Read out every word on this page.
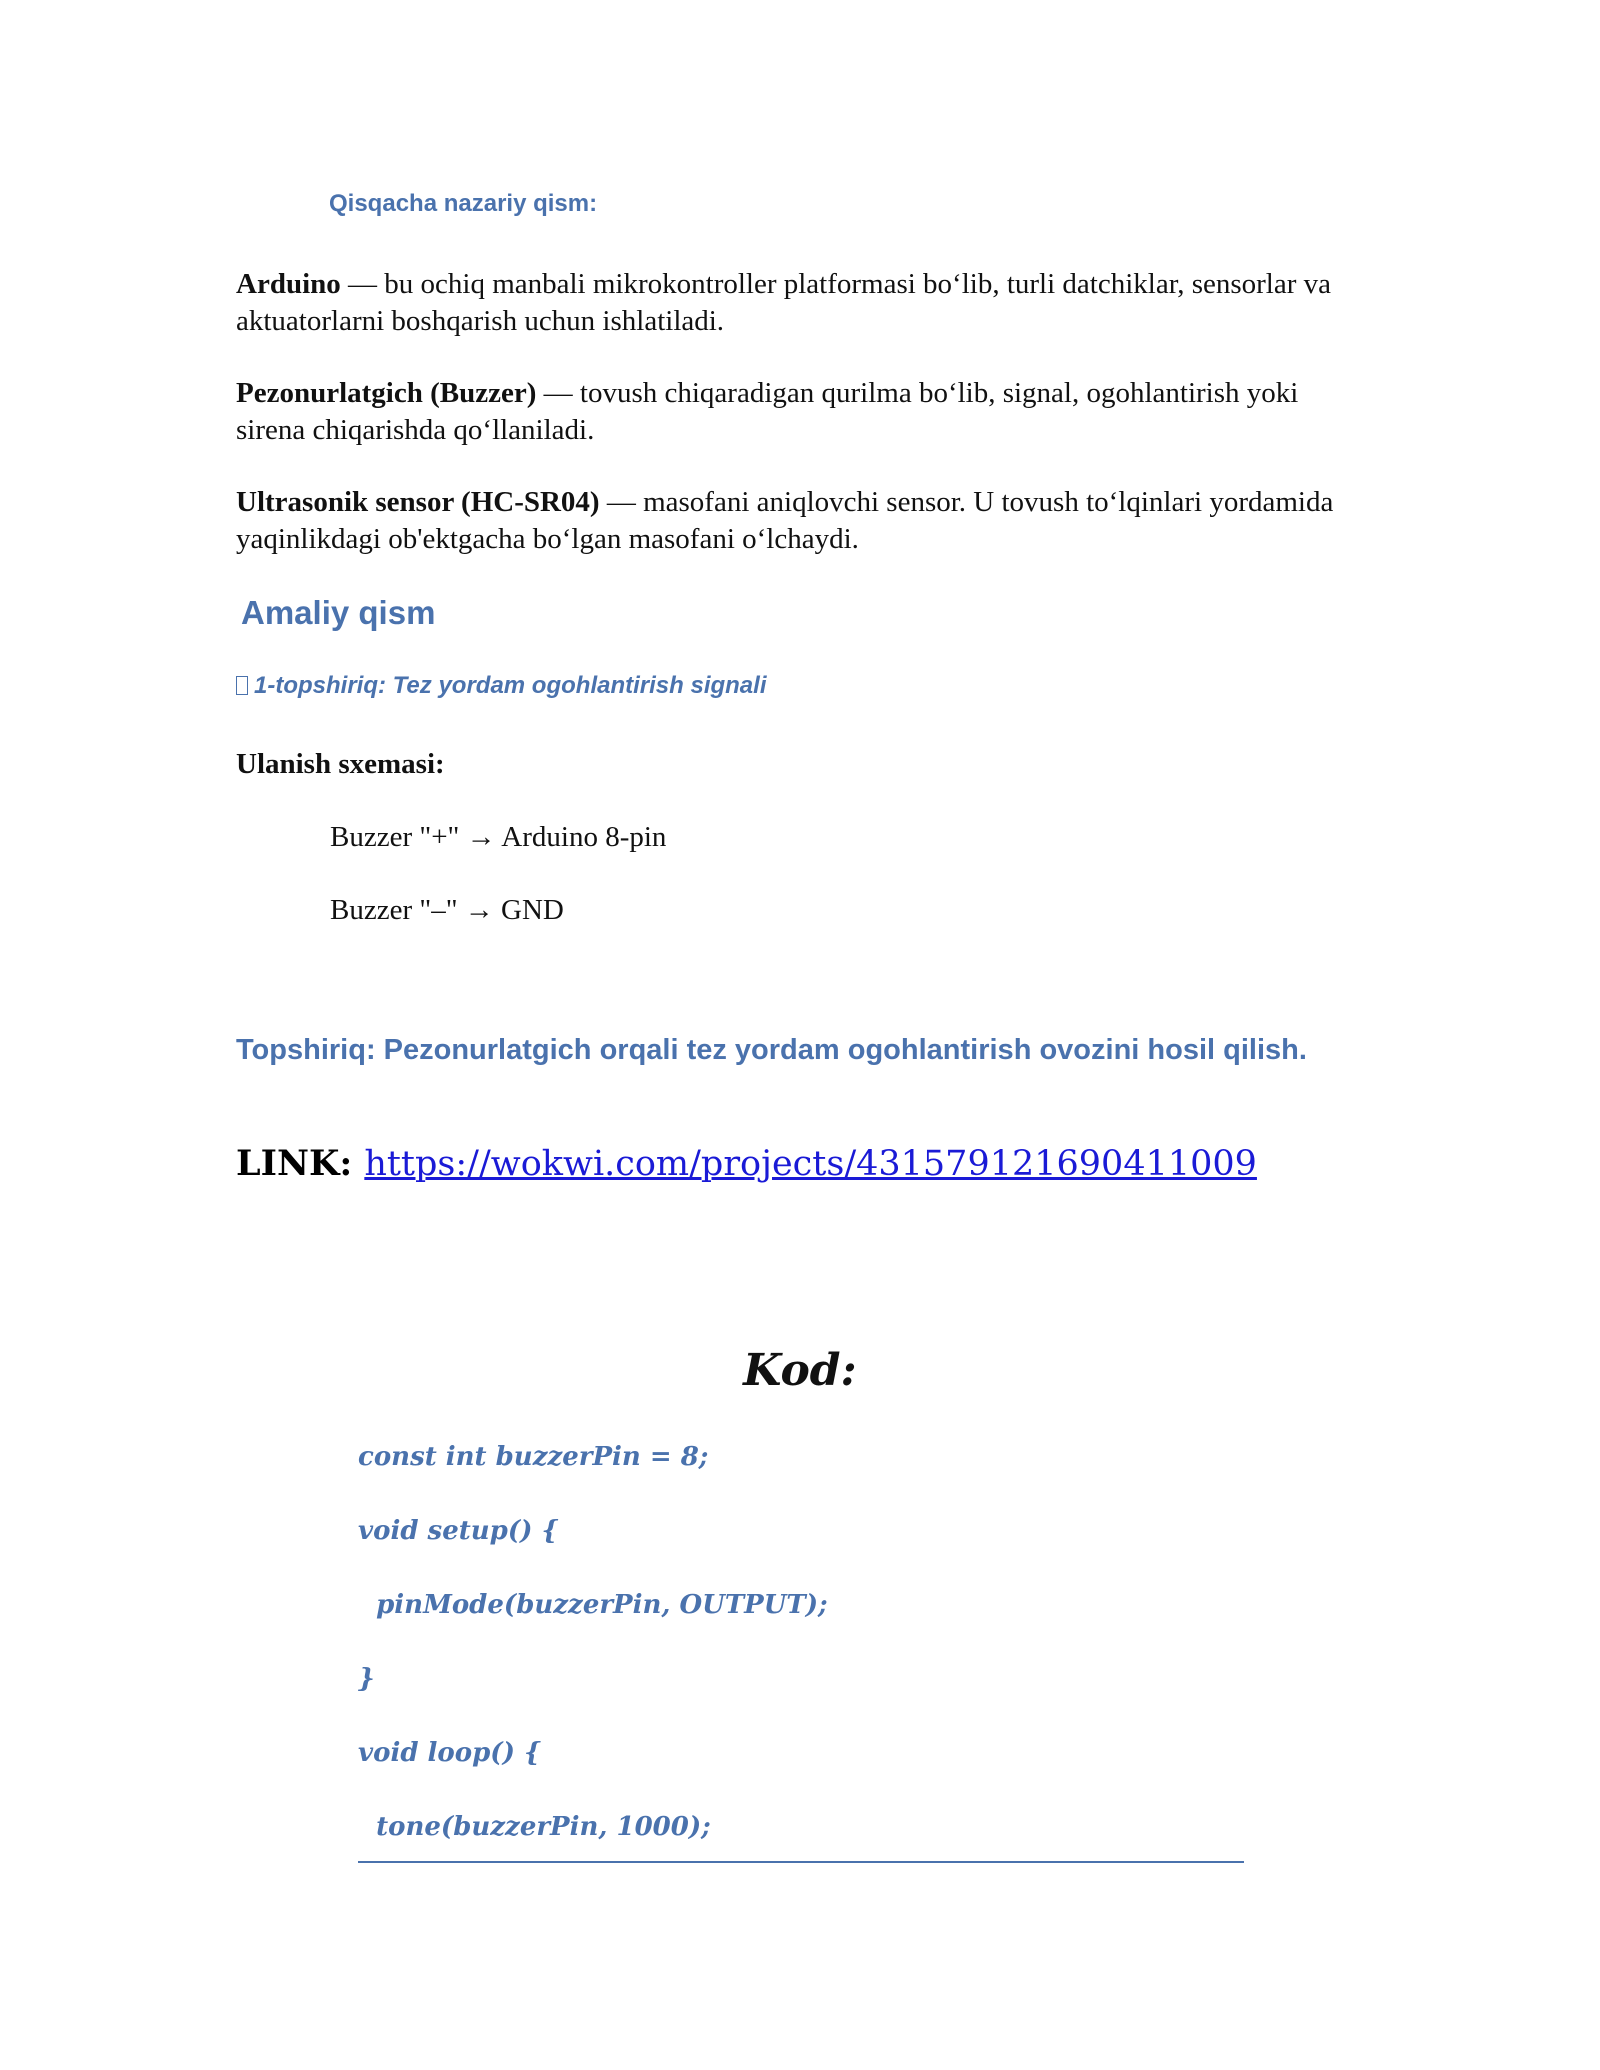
Qisqacha nazariy qism:

Arduino — bu ochiq manbali mikrokontroller platformasi bo‘lib, turli datchiklar, sensorlar va aktuatorlarni boshqarish uchun ishlatiladi.

Pezonurlatgich (Buzzer) — tovush chiqaradigan qurilma bo‘lib, signal, ogohlantirish yoki sirena chiqarishda qo‘llaniladi.

Ultrasonik sensor (HC-SR04) — masofani aniqlovchi sensor. U tovush to‘lqinlari yordamida yaqinlikdagi ob'ektgacha bo‘lgan masofani o‘lchaydi.

Amaliy qism

1-topshiriq: Tez yordam ogohlantirish signali

Ulanish sxemasi:

Buzzer "+" → Arduino 8-pin

Buzzer "–" → GND

Topshiriq: Pezonurlatgich orqali tez yordam ogohlantirish ovozini hosil qilish.

LINK: https://wokwi.com/projects/431579121690411009

Kod:

const int buzzerPin = 8;

void setup() {

pinMode(buzzerPin, OUTPUT);

}

void loop() {

tone(buzzerPin, 1000);
